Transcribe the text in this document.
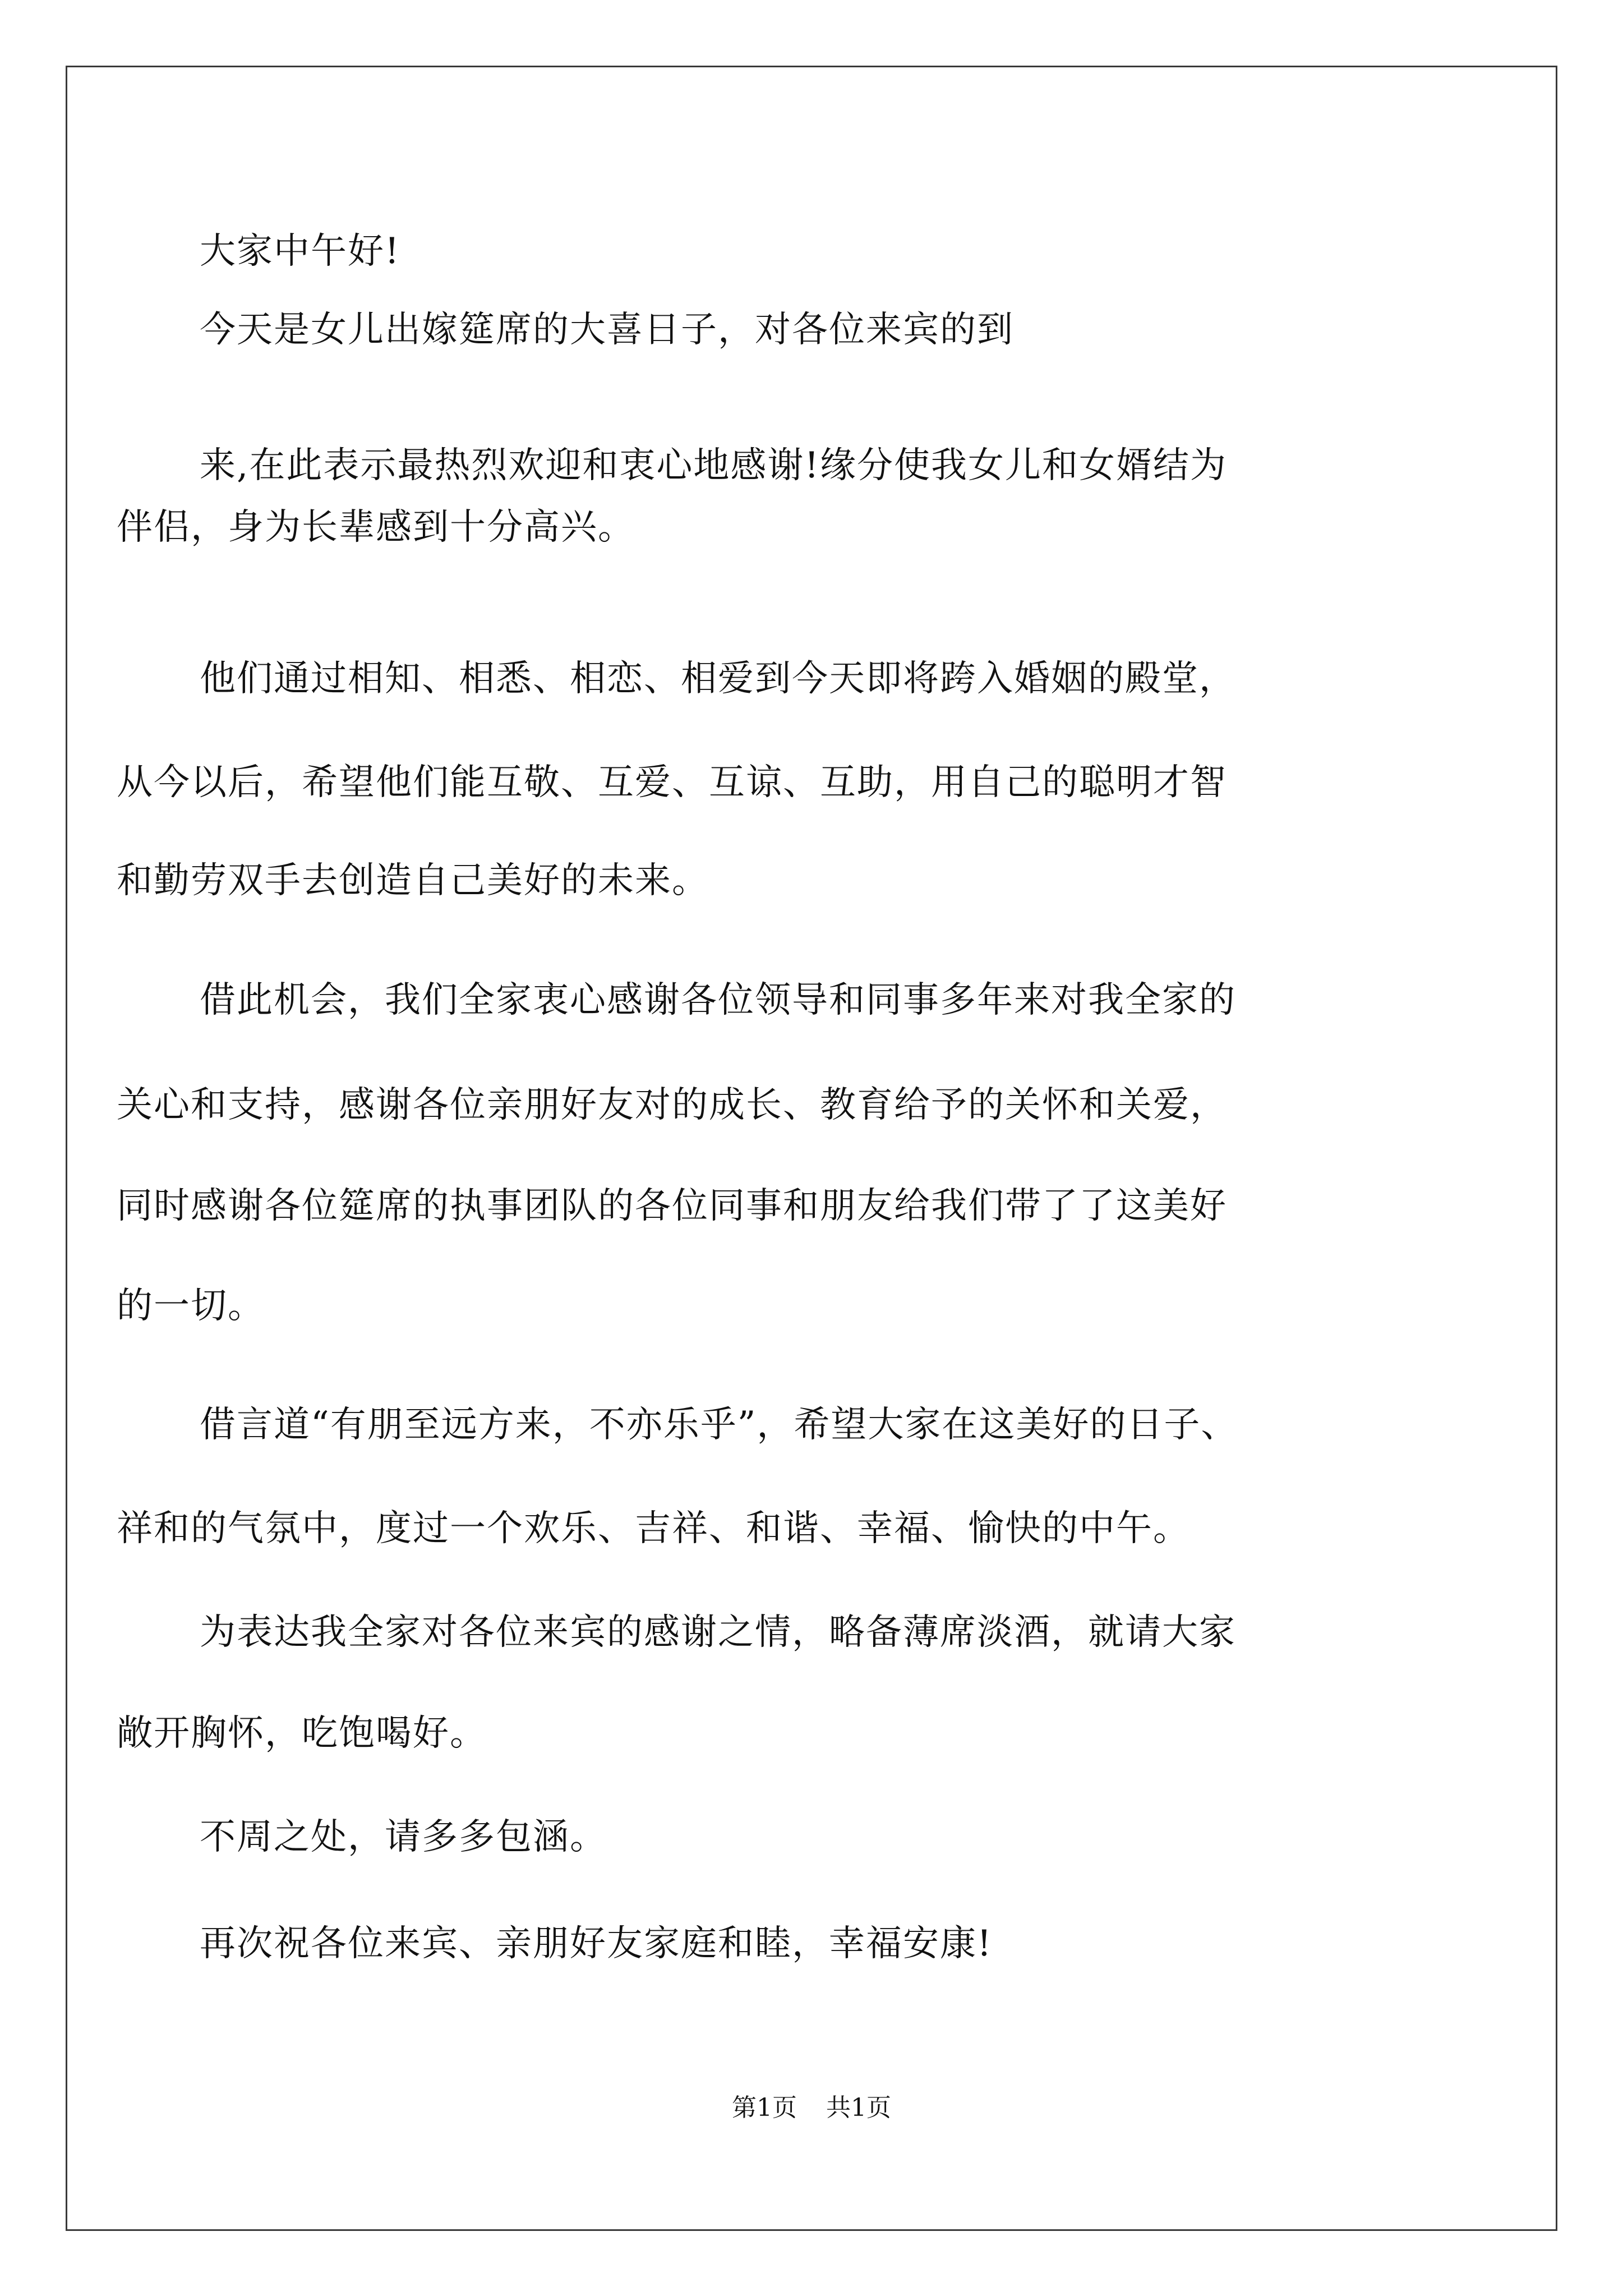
大家中午好!
今天是女儿出嫁筵席的大喜日子，对各位来宾的到
来,在此表示最热烈欢迎和衷心地感谢!缘分使我女儿和女婿结为
伴侣，身为长辈感到十分高兴。
他们通过相知、相悉、相恋、相爱到今天即将跨入婚姻的殿堂，
从今以后，希望他们能互敬、互爱、互谅、互助，用自己的聪明才智
和勤劳双手去创造自己美好的未来。
借此机会，我们全家衷心感谢各位领导和同事多年来对我全家的
关心和支持，感谢各位亲朋好友对的成长、教育给予的关怀和关爱，
同时感谢各位筵席的执事团队的各位同事和朋友给我们带了了这美好
的一切。
借言道“有朋至远方来，不亦乐乎”，希望大家在这美好的日子、
祥和的气氛中，度过一个欢乐、吉祥、和谐、幸福、愉快的中午。
为表达我全家对各位来宾的感谢之情，略备薄席淡酒，就请大家
敞开胸怀，吃饱喝好。
不周之处，请多多包涵。
再次祝各位来宾、亲朋好友家庭和睦，幸福安康!
第1页 共1页
